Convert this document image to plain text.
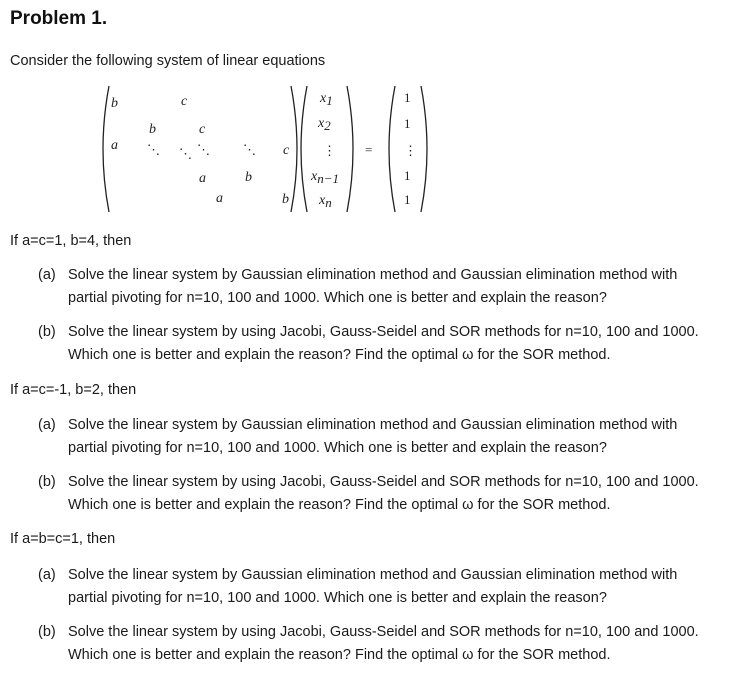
Problem 1.
Consider the following system of linear equations
b	c
b	c
a ⋱	⋱	⋱ c
a	b
⋱
a	b
x1
x2
⋮
xn−1
xn
=
1
1
⋮
1
1
If a=c=1, b=4, then
(a) Solve the linear system by Gaussian elimination method and Gaussian elimination method with
partial pivoting for n=10, 100 and 1000. Which one is better and explain the reason?
(b) Solve the linear system by using Jacobi, Gauss-Seidel and SOR methods for n=10, 100 and 1000.
Which one is better and explain the reason? Find the optimal ω for the SOR method.
If a=c=-1, b=2, then
(a) Solve the linear system by Gaussian elimination method and Gaussian elimination method with
partial pivoting for n=10, 100 and 1000. Which one is better and explain the reason?
(b) Solve the linear system by using Jacobi, Gauss-Seidel and SOR methods for n=10, 100 and 1000.
Which one is better and explain the reason? Find the optimal ω for the SOR method.
If a=b=c=1, then
(a) Solve the linear system by Gaussian elimination method and Gaussian elimination method with
partial pivoting for n=10, 100 and 1000. Which one is better and explain the reason?
(b) Solve the linear system by using Jacobi, Gauss-Seidel and SOR methods for n=10, 100 and 1000.
Which one is better and explain the reason? Find the optimal ω for the SOR method.
